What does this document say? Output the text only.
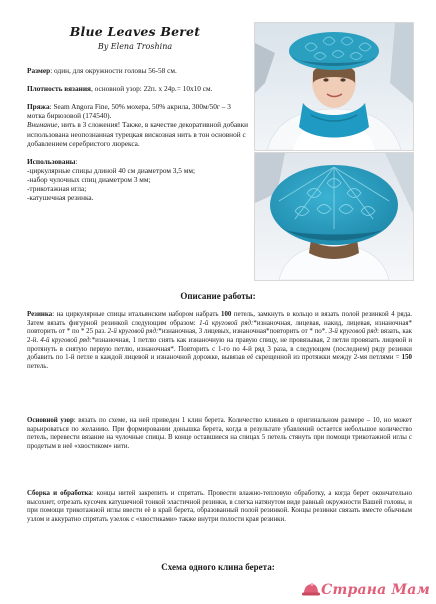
Blue Leaves Beret
By Elena Troshina

Размер: один, для окружности головы 56-58 см.

Плотность вязания, основной узор: 22п. х 24р.= 10х10 см.

Пряжа: Seam Angora Fine, 50% мохера, 50% акрила, 300м/50г – 3 мотка бирюзовой (174540).
Внимание, нить в 3 сложения! Также, в качестве декоративной добавки использована неопознанная турецкая вискозная нить в тон основной с добавлением серебристого люрекса.

Использованы:

-циркулярные спицы длиной 40 см диаметром 3,5 мм;
-набор чулочных спиц диаметром 3 мм;
-трикотажная игла;
-катушечная резинка.

Описание работы:
Резинка: на циркулярные спицы итальянским набором набрать 100 петель, замкнуть в кольцо и вязать полой резинкой 4 ряда. Затем вязать фигурной резинкой следующим образом: 1-й круговой ряд:*изнаночная, лицевая, накид, лицевая, изнаночная* повторить от * по * 25 раз. 2-й круговой ряд:*изнаночная, 3 лицевых, изнаночная*повторить от * по*. 3-й круговой ряд: вязать, как 2-й. 4-й круговой ряд:*изнаночная, 1 петлю снять как изнаночную на правую спицу, не провязывая, 2 петли провязать лицевой и протянуть в снятую первую петлю, изнаночная*. Повторить с 1-го по 4-й ряд 3 раза, в следующем (последнем) ряду резинки добавить по 1-й петле в каждой лицевой и изнаночной дорожке, вывязав её скрещенной из протяжки между 2-мя петлями = 150 петель.
Основной узор: вязать по схеме, на ней приведен 1 клин берета. Количество клиньев в оригинальном размере – 10, но может варьироваться по желанию. При формировании донышка берета, когда в результате убавлений остается небольшое количество петель, перевести вязание на чулочные спицы. В конце оставшиеся на спицах 5 петель стянуть при помощи трикотажной иглы с продетым в неё «хвостиком» нити.
Сборка и обработка: концы нитей закрепить и спрятать. Провести влажно-тепловую обработку, а когда берет окончательно высохнет, отрезать кусочек катушечной тонкой эластичной резинки, в слегка натянутом виде равный окружности Вашей головы, и при помощи трикотажной иглы ввести её в край берета, образованный полой резинкой. Концы резинки связать вместе обычным узлом и аккуратно спрятать узелок с «хвостиками» также внутри полости края резинки.
Схема одного клина берета:
Страна Мам
